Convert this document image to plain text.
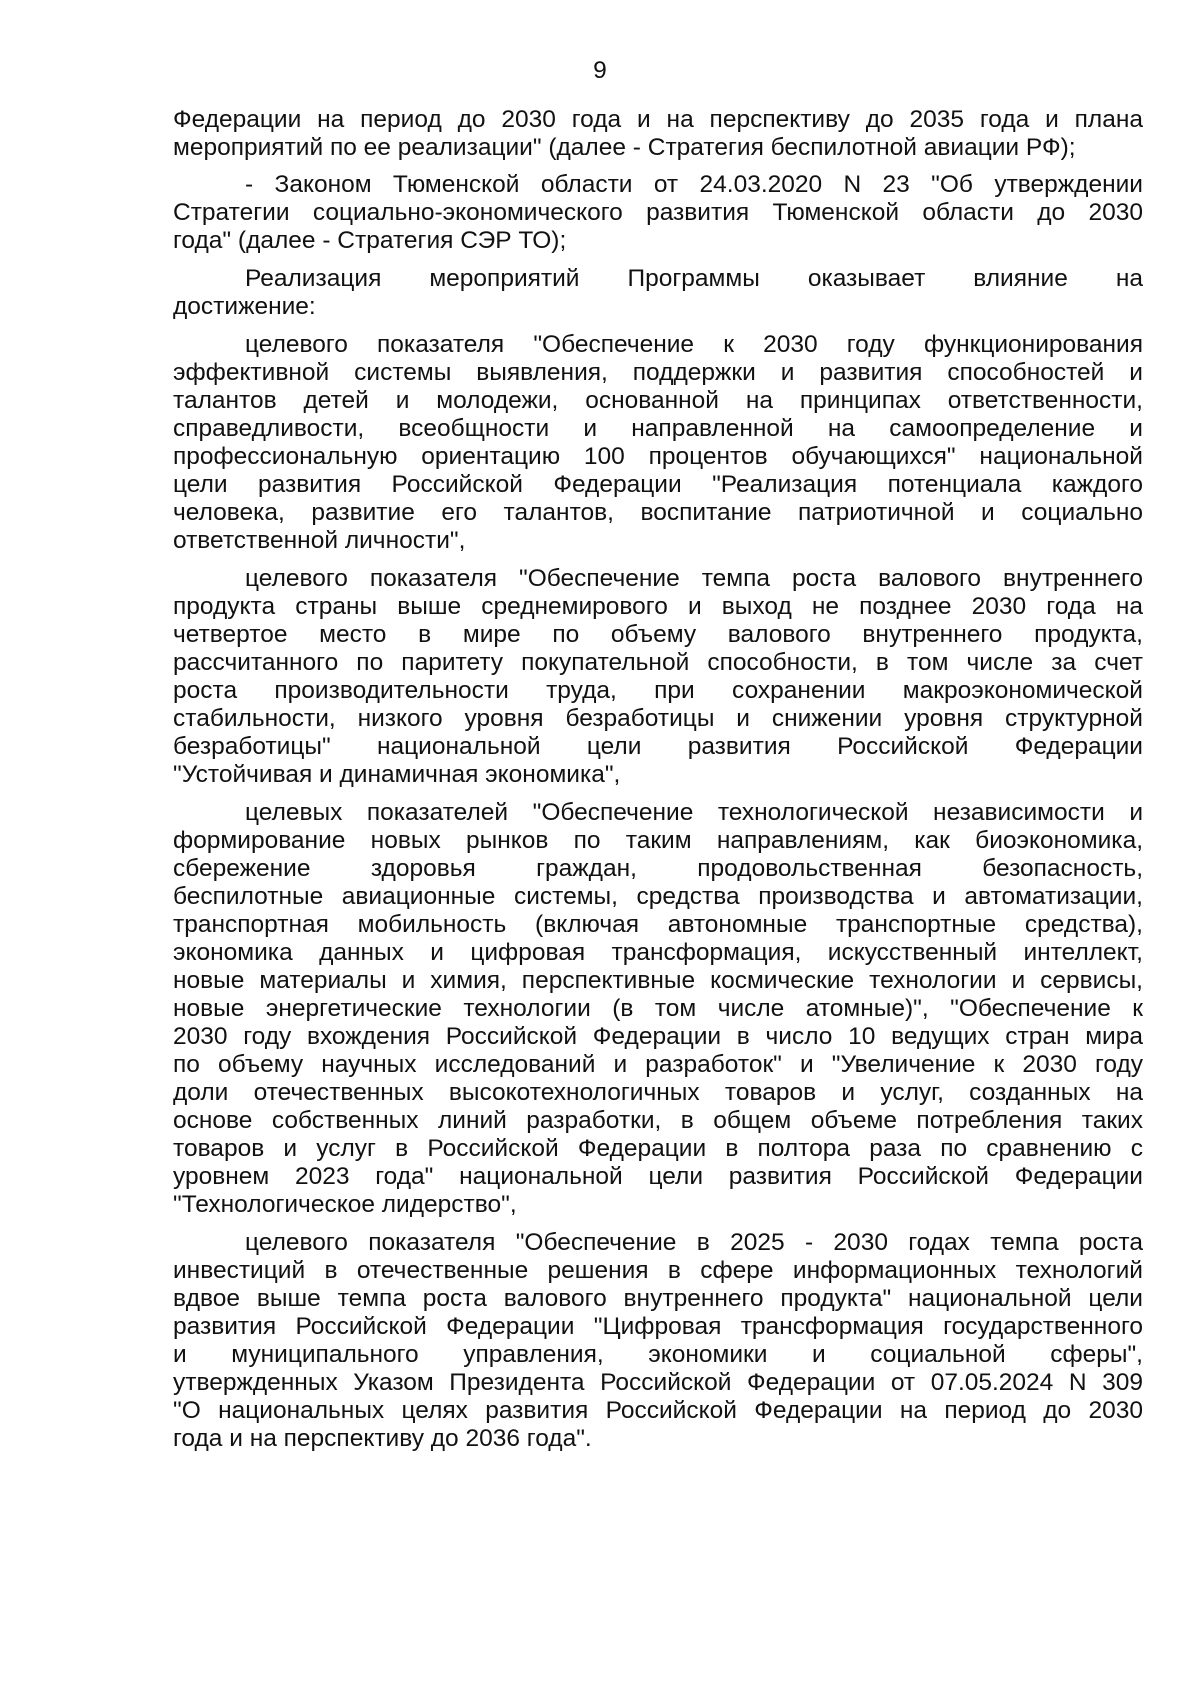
9
Федерации на период до 2030 года и на перспективу до 2035 года и плана
мероприятий по ее реализации" (далее - Стратегия беспилотной авиации РФ);
- Законом Тюменской области от 24.03.2020 N 23 "Об утверждении
Стратегии социально-экономического развития Тюменской области до 2030
года" (далее - Стратегия СЭР ТО);
Реализация мероприятий Программы оказывает влияние на
достижение:
целевого показателя "Обеспечение к 2030 году функционирования
эффективной системы выявления, поддержки и развития способностей и
талантов детей и молодежи, основанной на принципах ответственности,
справедливости, всеобщности и направленной на самоопределение и
профессиональную ориентацию 100 процентов обучающихся" национальной
цели развития Российской Федерации "Реализация потенциала каждого
человека, развитие его талантов, воспитание патриотичной и социально
ответственной личности",
целевого показателя "Обеспечение темпа роста валового внутреннего
продукта страны выше среднемирового и выход не позднее 2030 года на
четвертое место в мире по объему валового внутреннего продукта,
рассчитанного по паритету покупательной способности, в том числе за счет
роста производительности труда, при сохранении макроэкономической
стабильности, низкого уровня безработицы и снижении уровня структурной
безработицы" национальной цели развития Российской Федерации
"Устойчивая и динамичная экономика",
целевых показателей "Обеспечение технологической независимости и
формирование новых рынков по таким направлениям, как биоэкономика,
сбережение здоровья граждан, продовольственная безопасность,
беспилотные авиационные системы, средства производства и автоматизации,
транспортная мобильность (включая автономные транспортные средства),
экономика данных и цифровая трансформация, искусственный интеллект,
новые материалы и химия, перспективные космические технологии и сервисы,
новые энергетические технологии (в том числе атомные)", "Обеспечение к
2030 году вхождения Российской Федерации в число 10 ведущих стран мира
по объему научных исследований и разработок" и "Увеличение к 2030 году
доли отечественных высокотехнологичных товаров и услуг, созданных на
основе собственных линий разработки, в общем объеме потребления таких
товаров и услуг в Российской Федерации в полтора раза по сравнению с
уровнем 2023 года" национальной цели развития Российской Федерации
"Технологическое лидерство",
целевого показателя "Обеспечение в 2025 - 2030 годах темпа роста
инвестиций в отечественные решения в сфере информационных технологий
вдвое выше темпа роста валового внутреннего продукта" национальной цели
развития Российской Федерации "Цифровая трансформация государственного
и муниципального управления, экономики и социальной сферы",
утвержденных Указом Президента Российской Федерации от 07.05.2024 N 309
"О национальных целях развития Российской Федерации на период до 2030
года и на перспективу до 2036 года".
